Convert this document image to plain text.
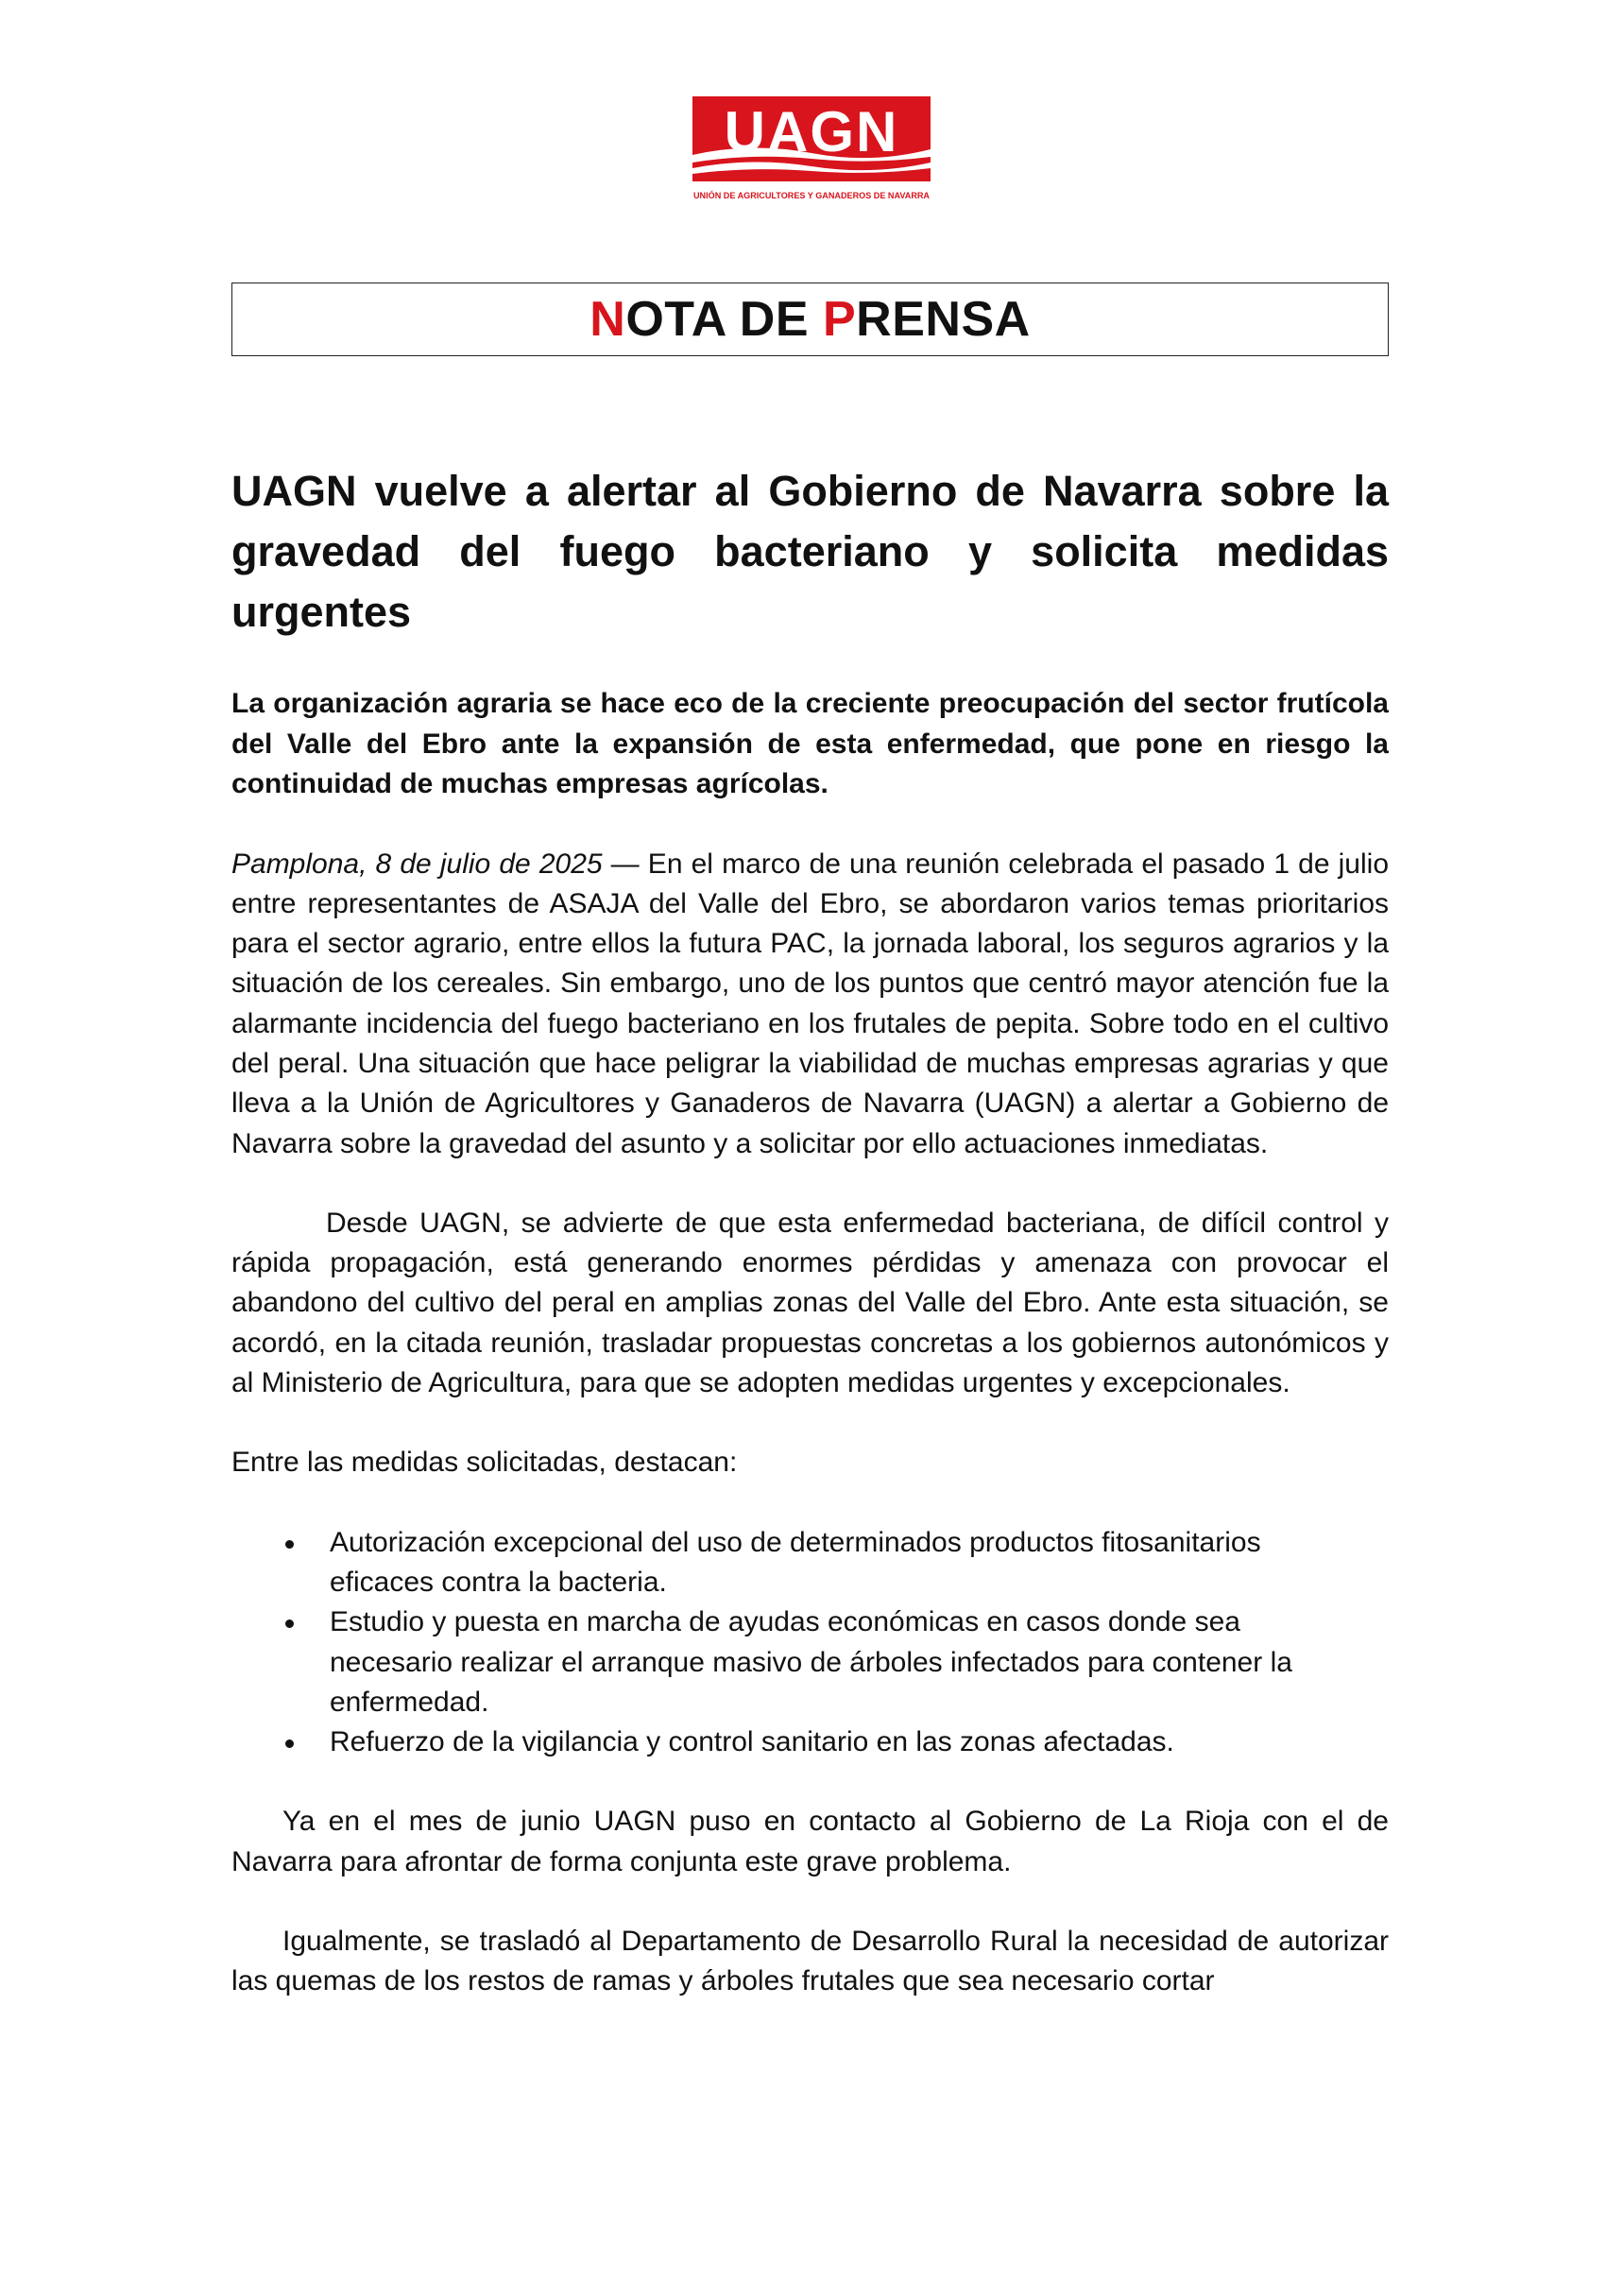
UAGN
UNIÓN DE AGRICULTORES Y GANADEROS DE NAVARRA
NOTA DE PRENSA
UAGN vuelve a alertar al Gobierno de Navarra sobre la gravedad del fuego bacteriano y solicita medidas urgentes

La organización agraria se hace eco de la creciente preocupación del sector frutícola del Valle del Ebro ante la expansión de esta enfermedad, que pone en riesgo la continuidad de muchas empresas agrícolas.

Pamplona, 8 de julio de 2025 — En el marco de una reunión celebrada el pasado 1 de julio entre representantes de ASAJA del Valle del Ebro, se abordaron varios temas prioritarios para el sector agrario, entre ellos la futura PAC, la jornada laboral, los seguros agrarios y la situación de los cereales. Sin embargo, uno de los puntos que centró mayor atención fue la alarmante incidencia del fuego bacteriano en los frutales de pepita. Sobre todo en el cultivo del peral. Una situación que hace peligrar la viabilidad de muchas empresas agrarias y que lleva a la Unión de Agricultores y Ganaderos de Navarra (UAGN) a alertar a Gobierno de Navarra sobre la gravedad del asunto y a solicitar por ello actuaciones inmediatas.

Desde UAGN, se advierte de que esta enfermedad bacteriana, de difícil control y rápida propagación, está generando enormes pérdidas y amenaza con provocar el abandono del cultivo del peral en amplias zonas del Valle del Ebro. Ante esta situación, se acordó, en la citada reunión, trasladar propuestas concretas a los gobiernos autonómicos y al Ministerio de Agricultura, para que se adopten medidas urgentes y excepcionales.

Entre las medidas solicitadas, destacan:

Autorización excepcional del uso de determinados productos fitosanitarios eficaces contra la bacteria.
Estudio y puesta en marcha de ayudas económicas en casos donde sea necesario realizar el arranque masivo de árboles infectados para contener la enfermedad.
Refuerzo de la vigilancia y control sanitario en las zonas afectadas.

Ya en el mes de junio UAGN puso en contacto al Gobierno de La Rioja con el de Navarra para afrontar de forma conjunta este grave problema.

Igualmente, se trasladó al Departamento de Desarrollo Rural la necesidad de autorizar las quemas de los restos de ramas y árboles frutales que sea necesario cortar
